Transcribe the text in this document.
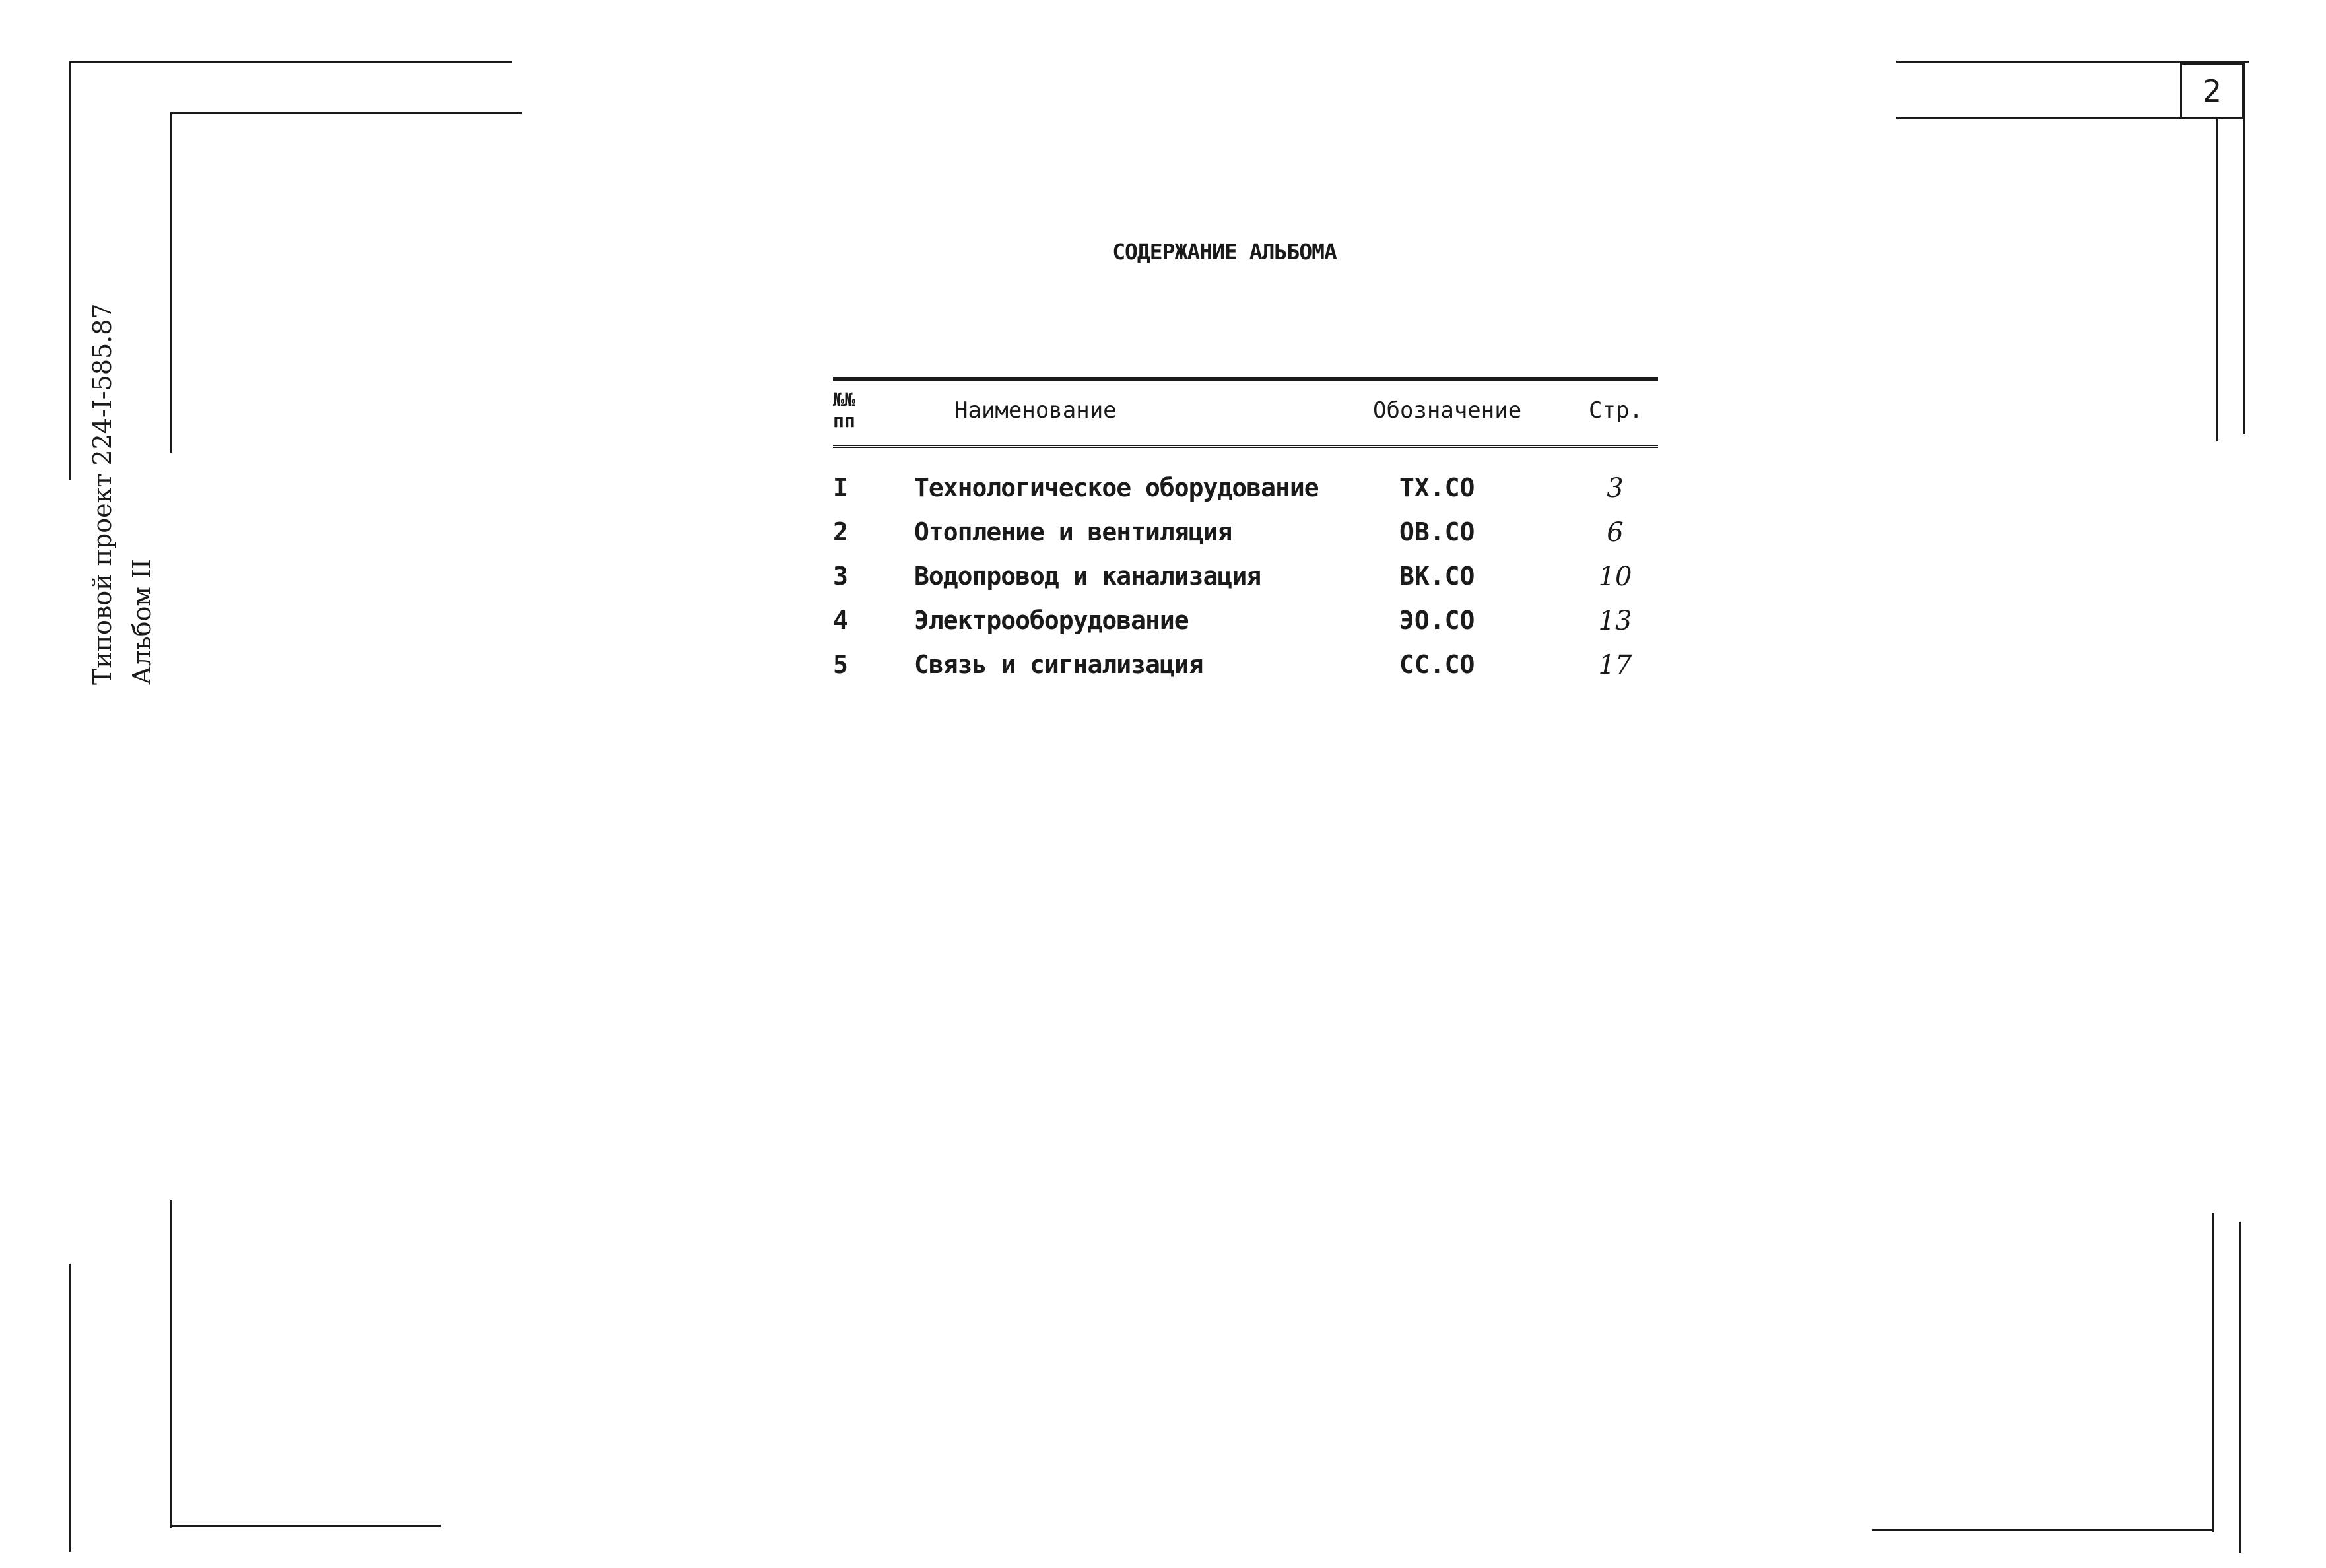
2
Типовой проект 224-I-585.87 Альбом II
СОДЕРЖАНИЕ АЛЬБОМА
№№
пп	Наименование	Обозначение	Стр.
I	Технологическое оборудование	ТХ.СО	3
2	Отопление и вентиляция	ОВ.СО	6
3	Водопровод и канализация	ВК.СО	10
4	Электрооборудование	ЭО.СО	13
5	Связь и сигнализация	СС.СО	17
